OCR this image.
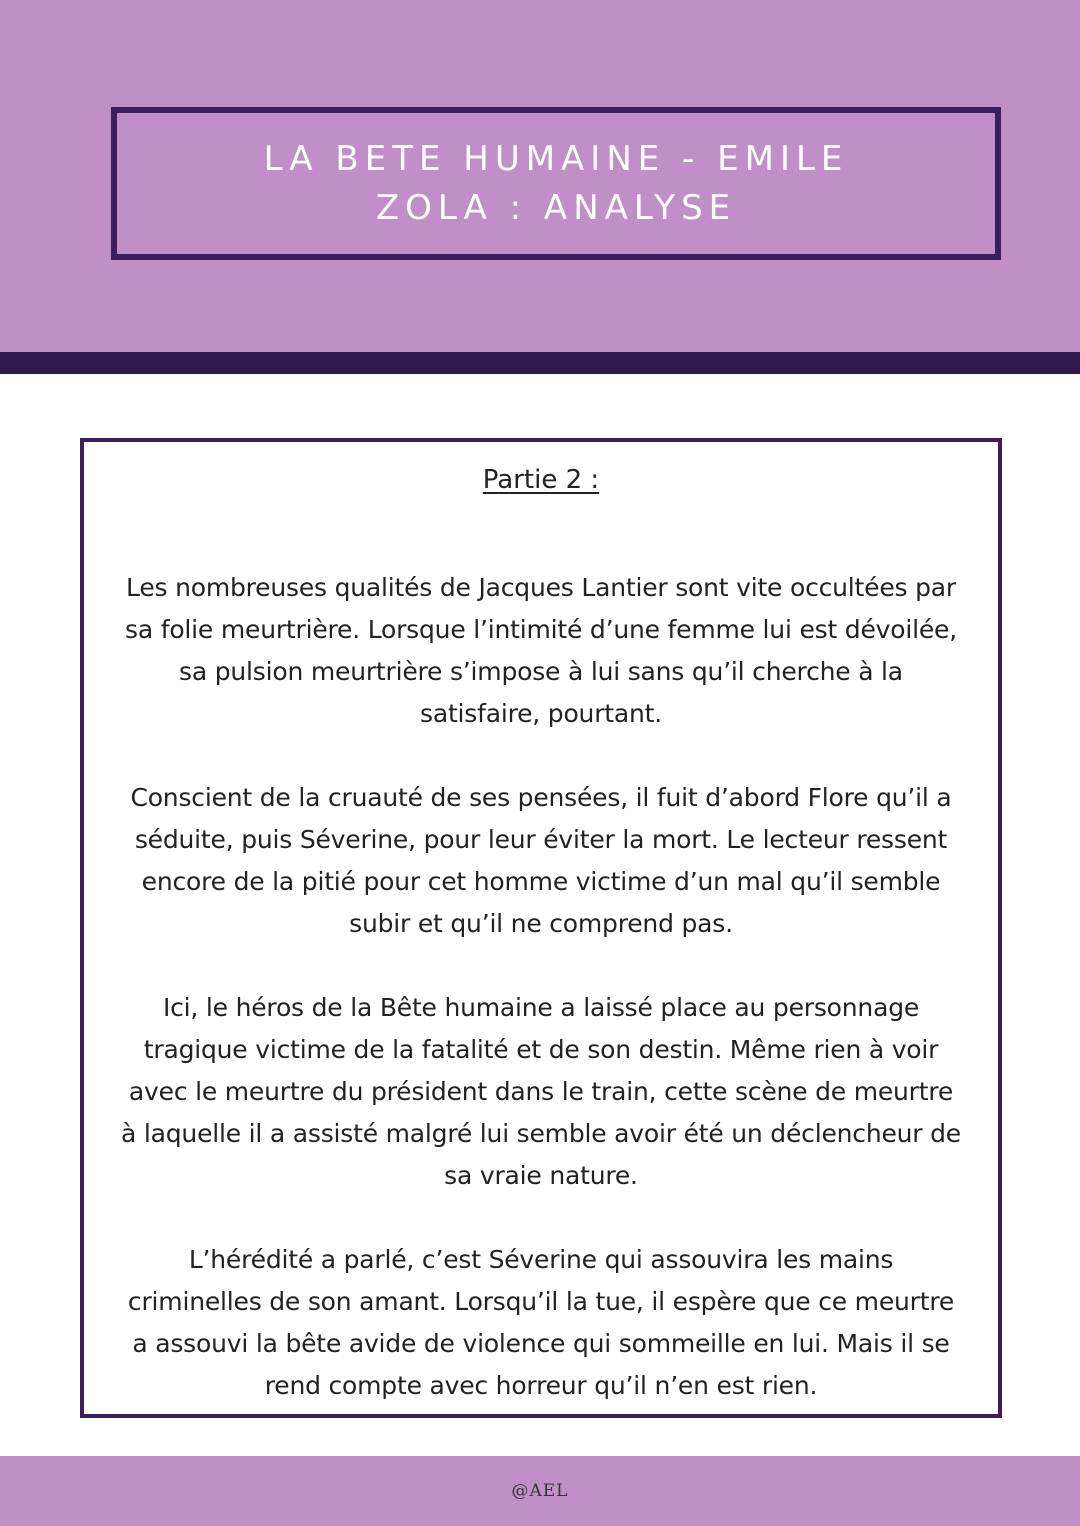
LA BETE HUMAINE - EMILE ZOLA : ANALYSE
Partie 2 :

Les nombreuses qualités de Jacques Lantier sont vite occultées par sa folie meurtrière. Lorsque l’intimité d’une femme lui est dévoilée, sa pulsion meurtrière s’impose à lui sans qu’il cherche à la satisfaire, pourtant.

Conscient de la cruauté de ses pensées, il fuit d’abord Flore qu’il a séduite, puis Séverine, pour leur éviter la mort. Le lecteur ressent encore de la pitié pour cet homme victime d’un mal qu’il semble subir et qu’il ne comprend pas.

Ici, le héros de la Bête humaine a laissé place au personnage tragique victime de la fatalité et de son destin. Même rien à voir avec le meurtre du président dans le train, cette scène de meurtre à laquelle il a assisté malgré lui semble avoir été un déclencheur de sa vraie nature.

L’hérédité a parlé, c’est Séverine qui assouvira les mains criminelles de son amant. Lorsqu’il la tue, il espère que ce meurtre a assouvi la bête avide de violence qui sommeille en lui. Mais il se rend compte avec horreur qu’il n’en est rien.

@AEL
